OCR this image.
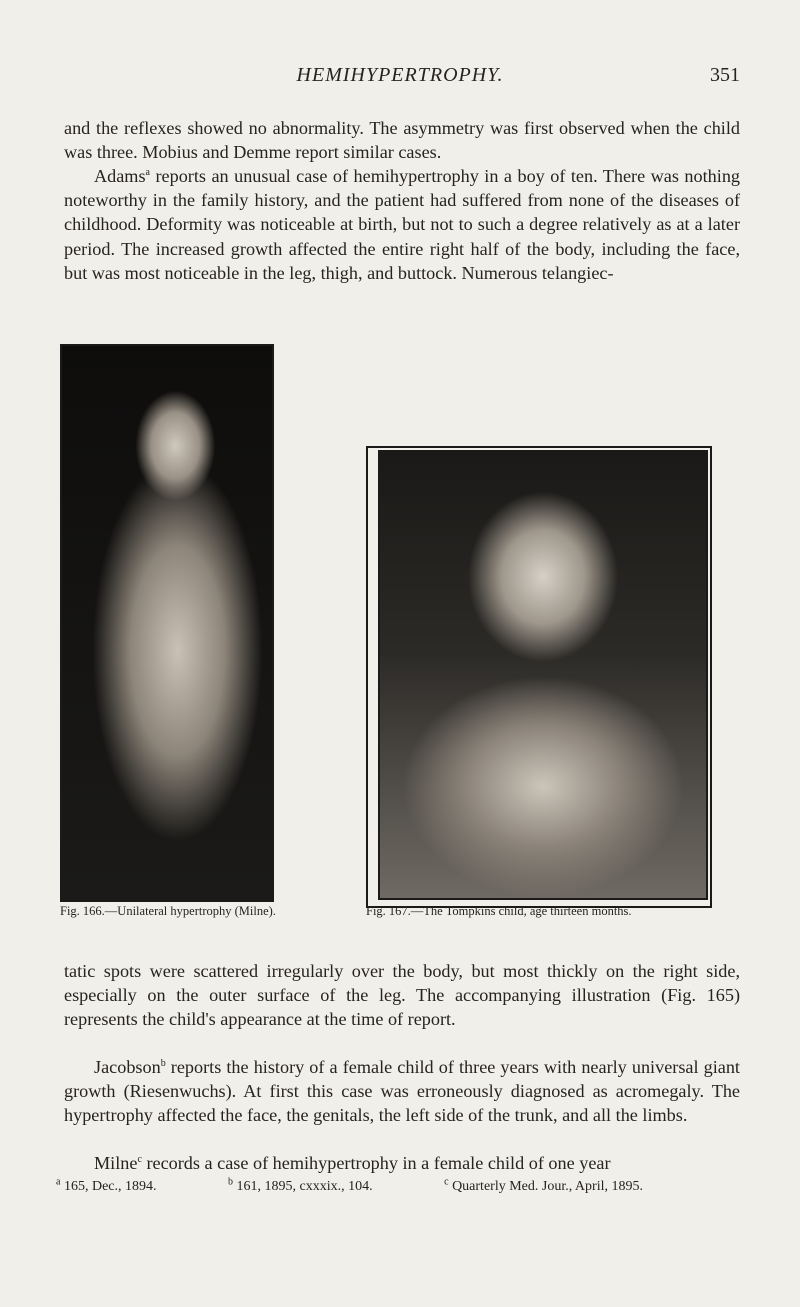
HEMIHYPERTROPHY.	351

and the reflexes showed no abnormality. The asymmetry was first observed when the child was three. Mobius and Demme report similar cases.

Adams$^a$ reports an unusual case of hemihypertrophy in a boy of ten. There was nothing noteworthy in the family history, and the patient had suffered from none of the diseases of childhood. Deformity was noticeable at birth, but not to such a degree relatively as at a later period. The increased growth affected the entire right half of the body, including the face, but was most noticeable in the leg, thigh, and buttock. Numerous telangiec-

Fig. 166.—Unilateral hypertrophy (Milne).	Fig. 167.—The Tompkins child, age thirteen months.

tatic spots were scattered irregularly over the body, but most thickly on the right side, especially on the outer surface of the leg. The accompanying illustration (Fig. 165) represents the child's appearance at the time of report.

Jacobson$^b$ reports the history of a female child of three years with nearly universal giant growth (Riesenwuchs). At first this case was erroneously diagnosed as acromegaly. The hypertrophy affected the face, the genitals, the left side of the trunk, and all the limbs.

Milne$^c$ records a case of hemihypertrophy in a female child of one year

$^a$ 165, Dec., 1894.	$^b$ 161, 1895, cxxxix., 104.	$^c$ Quarterly Med. Jour., April, 1895.
